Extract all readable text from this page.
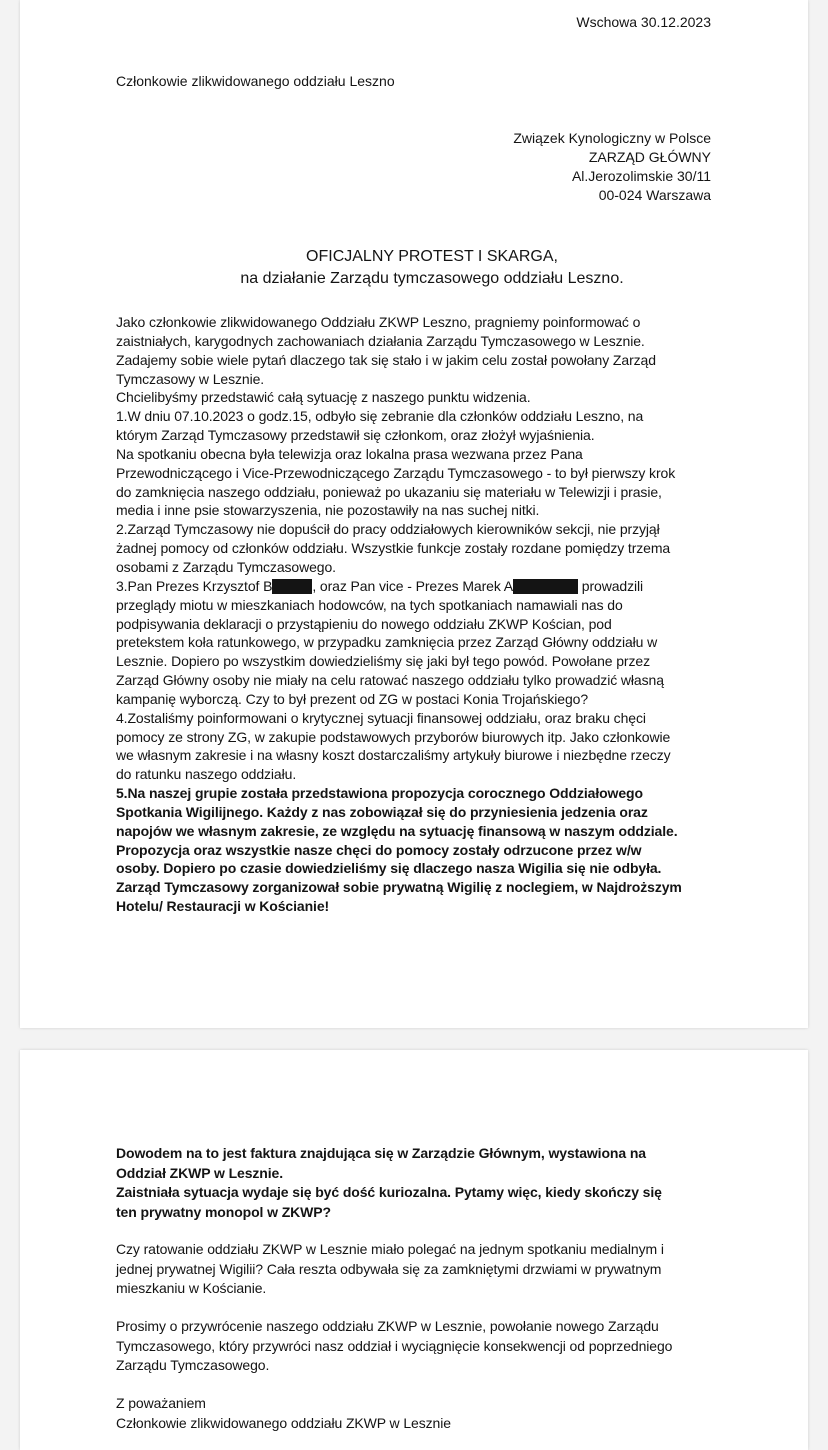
Wschowa 30.12.2023
Członkowie zlikwidowanego oddziału Leszno
Związek Kynologiczny w Polsce
ZARZĄD GŁÓWNY
Al.Jerozolimskie 30/11
00-024 Warszawa
OFICJALNY PROTEST I SKARGA,
na działanie Zarządu tymczasowego oddziału Leszno.
Jako członkowie zlikwidowanego Oddziału ZKWP Leszno, pragniemy poinformować o
zaistniałych, karygodnych zachowaniach działania Zarządu Tymczasowego w Lesznie.
Zadajemy sobie wiele pytań dlaczego tak się stało i w jakim celu został powołany Zarząd
Tymczasowy w Lesznie.
Chcielibyśmy przedstawić całą sytuację z naszego punktu widzenia.
1.W dniu 07.10.2023 o godz.15, odbyło się zebranie dla członków oddziału Leszno, na
którym Zarząd Tymczasowy przedstawił się członkom, oraz złożył wyjaśnienia.
Na spotkaniu obecna była telewizja oraz lokalna prasa wezwana przez Pana
Przewodniczącego i Vice-Przewodniczącego Zarządu Tymczasowego - to był pierwszy krok
do zamknięcia naszego oddziału, ponieważ po ukazaniu się materiału w Telewizji i prasie,
media i inne psie stowarzyszenia, nie pozostawiły na nas suchej nitki.
2.Zarząd Tymczasowy nie dopuścił do pracy oddziałowych kierowników sekcji, nie przyjął
żadnej pomocy od członków oddziału. Wszystkie funkcje zostały rozdane pomiędzy trzema
osobami z Zarządu Tymczasowego.
3.Pan Prezes Krzysztof B	, oraz Pan vice - Prezes Marek A	prowadzili
przeglądy miotu w mieszkaniach hodowców, na tych spotkaniach namawiali nas do
podpisywania deklaracji o przystąpieniu do nowego oddziału ZKWP Kościan, pod
pretekstem koła ratunkowego, w przypadku zamknięcia przez Zarząd Główny oddziału w
Lesznie. Dopiero po wszystkim dowiedzieliśmy się jaki był tego powód. Powołane przez
Zarząd Główny osoby nie miały na celu ratować naszego oddziału tylko prowadzić własną
kampanię wyborczą. Czy to był prezent od ZG w postaci Konia Trojańskiego?
4.Zostaliśmy poinformowani o krytycznej sytuacji finansowej oddziału, oraz braku chęci
pomocy ze strony ZG, w zakupie podstawowych przyborów biurowych itp. Jako członkowie
we własnym zakresie i na własny koszt dostarczaliśmy artykuły biurowe i niezbędne rzeczy
do ratunku naszego oddziału.
5.Na naszej grupie została przedstawiona propozycja corocznego Oddziałowego
Spotkania Wigilijnego. Każdy z nas zobowiązał się do przyniesienia jedzenia oraz
napojów we własnym zakresie, ze względu na sytuację finansową w naszym oddziale.
Propozycja oraz wszystkie nasze chęci do pomocy zostały odrzucone przez w/w
osoby. Dopiero po czasie dowiedzieliśmy się dlaczego nasza Wigilia się nie odbyła.
Zarząd Tymczasowy zorganizował sobie prywatną Wigilię z noclegiem, w Najdroższym
Hotelu/ Restauracji w Kościanie!
Dowodem na to jest faktura znajdująca się w Zarządzie Głównym, wystawiona na
Oddział ZKWP w Lesznie.
Zaistniała sytuacja wydaje się być dość kuriozalna. Pytamy więc, kiedy skończy się
ten prywatny monopol w ZKWP?
Czy ratowanie oddziału ZKWP w Lesznie miało polegać na jednym spotkaniu medialnym i
jednej prywatnej Wigilii? Cała reszta odbywała się za zamkniętymi drzwiami w prywatnym
mieszkaniu w Kościanie.
Prosimy o przywrócenie naszego oddziału ZKWP w Lesznie, powołanie nowego Zarządu
Tymczasowego, który przywróci nasz oddział i wyciągnięcie konsekwencji od poprzedniego
Zarządu Tymczasowego.
Z poważaniem
Członkowie zlikwidowanego oddziału ZKWP w Lesznie
